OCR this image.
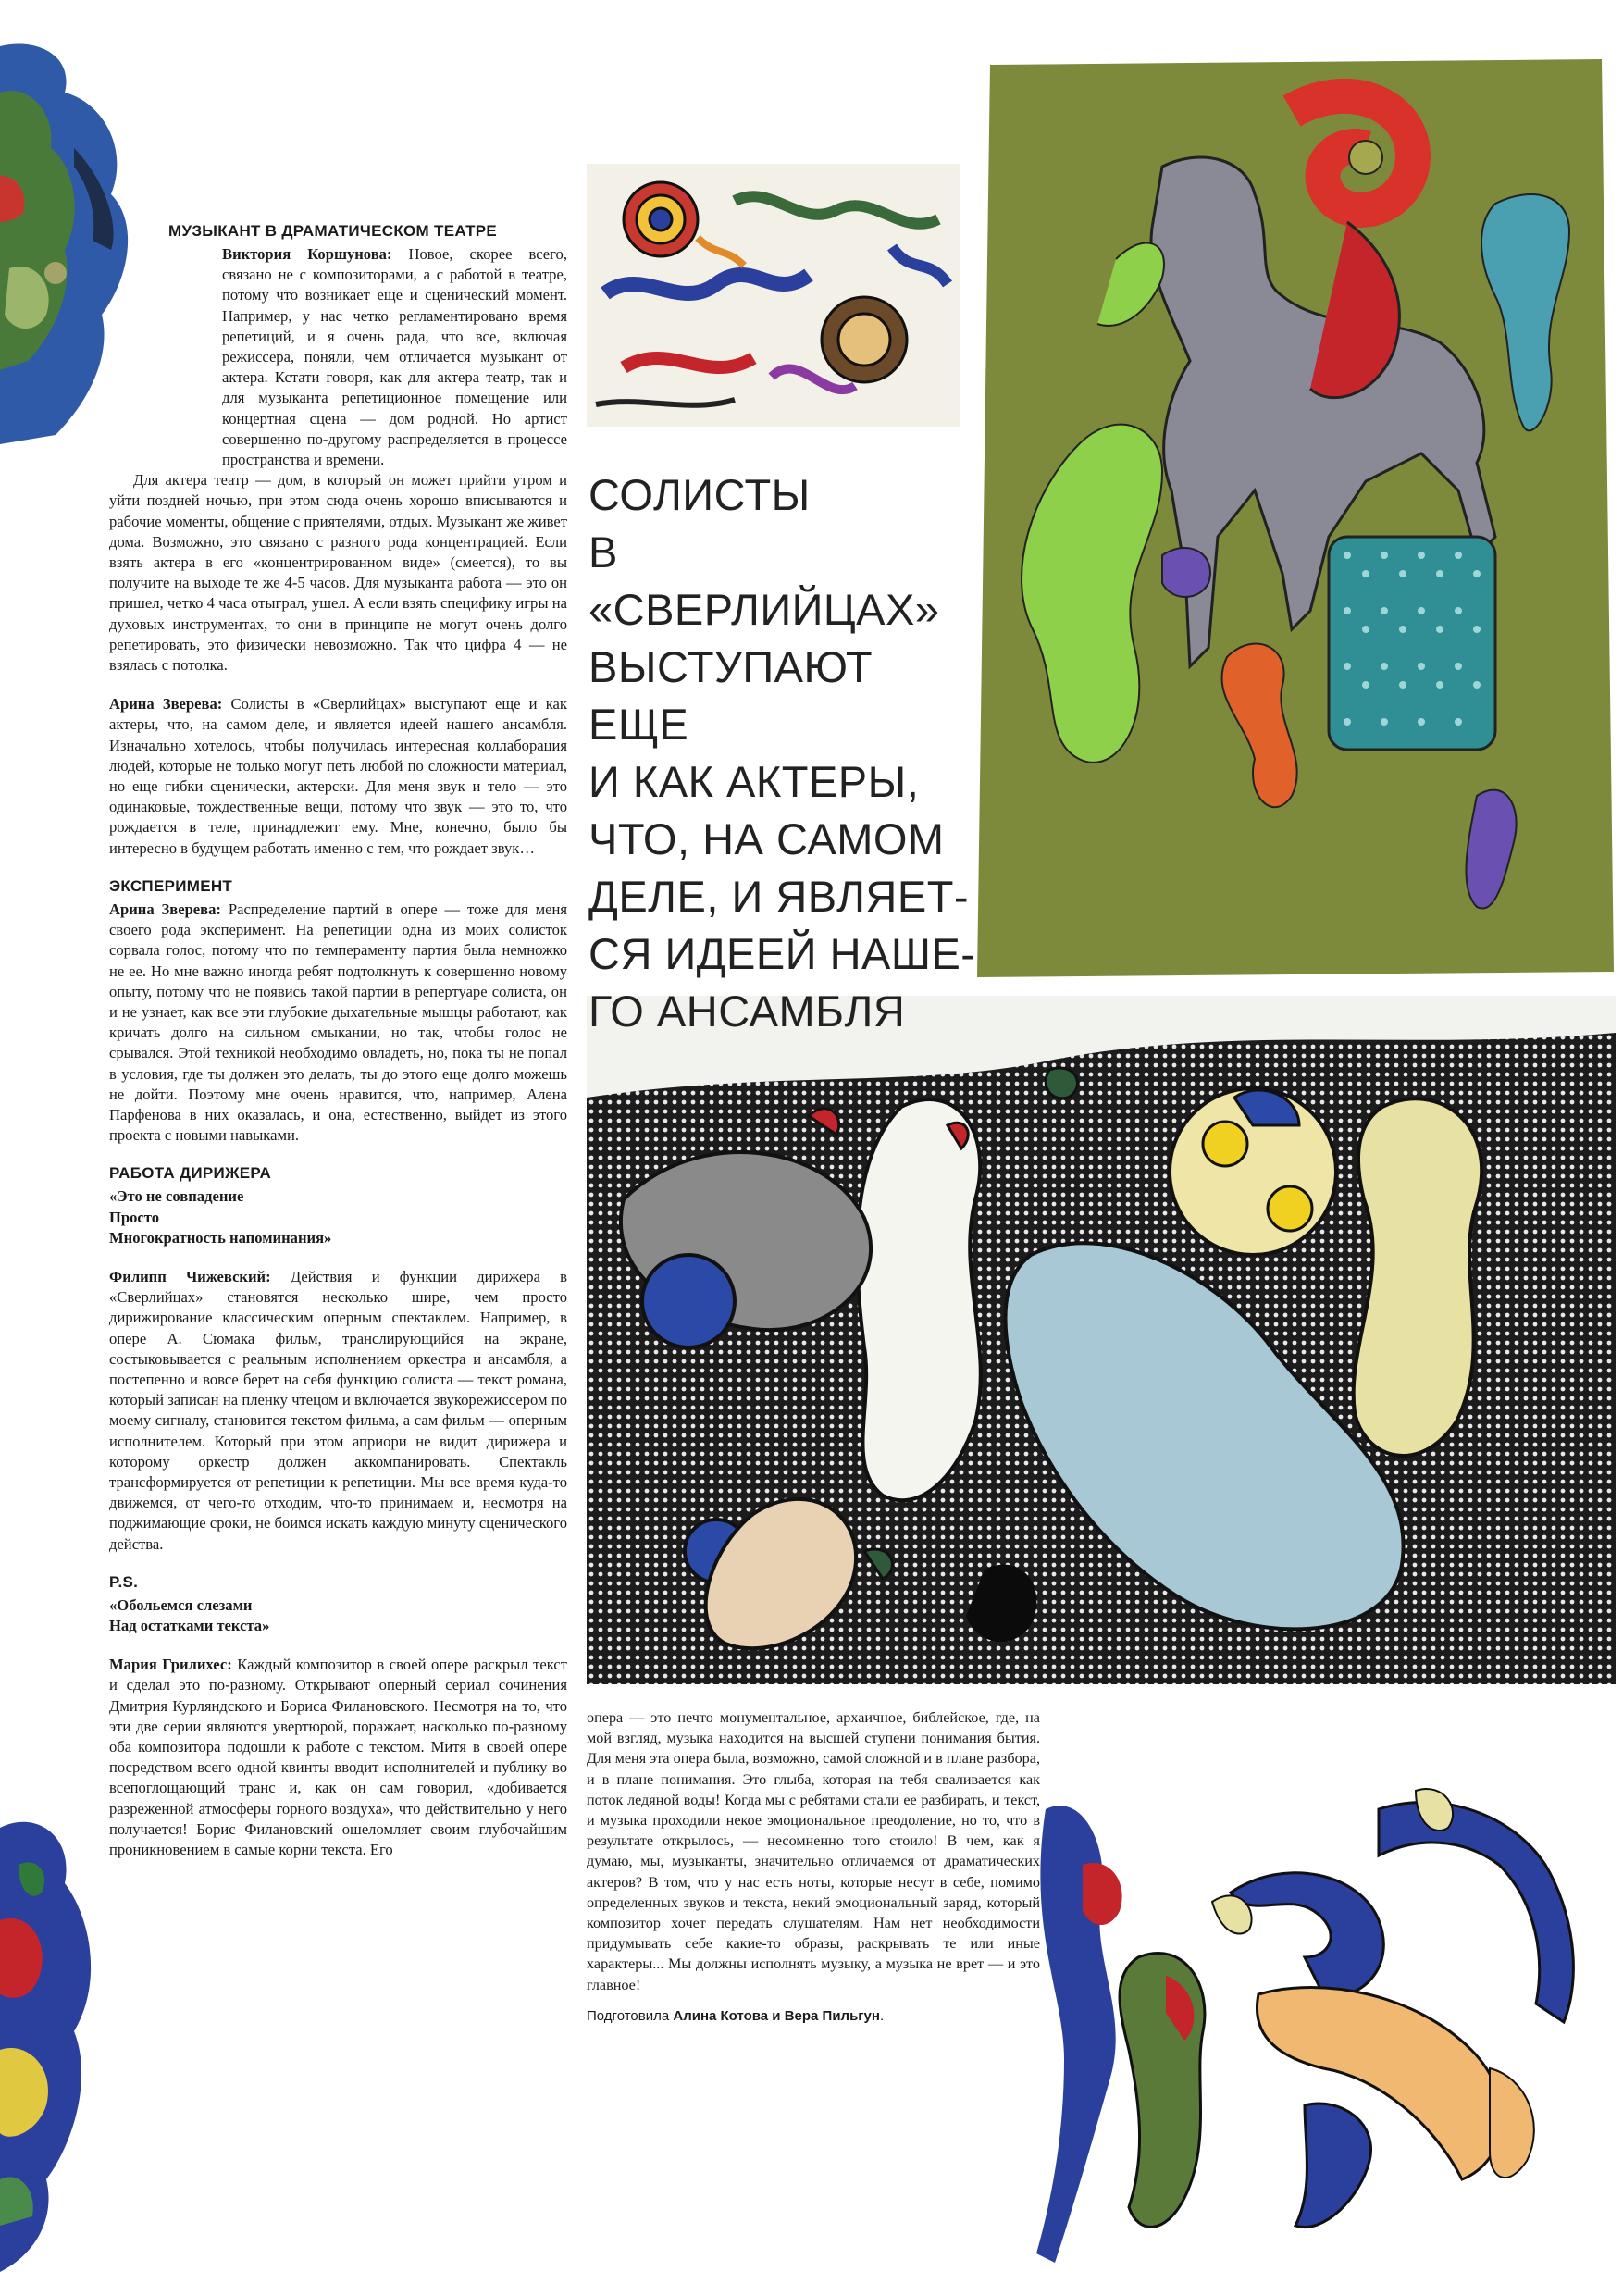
МУЗЫКАНТ В ДРАМАТИЧЕСКОМ ТЕАТРЕ

Виктория Коршунова: Новое, скорее всего, связано не с композиторами, а с работой в театре, потому что возникает еще и сценический момент. Например, у нас четко регламентировано время репетиций, и я очень рада, что все, включая режиссера, поняли, чем отличается музыкант от актера. Кстати говоря, как для актера театр, так и для музыканта репетиционное помещение или концертная сцена — дом родной. Но артист совершенно по-другому распределяется в процессе пространства и времени.

Для актера театр — дом, в который он может прийти утром и уйти поздней ночью, при этом сюда очень хорошо вписываются и рабочие моменты, общение с приятелями, отдых. Музыкант же живет дома. Возможно, это связано с разного рода концентрацией. Если взять актера в его «концентрированном виде» (смеется), то вы получите на выходе те же 4-5 часов. Для музыканта работа — это он пришел, четко 4 часа отыграл, ушел. А если взять специфику игры на духовых инструментах, то они в принципе не могут очень долго репетировать, это физически невозможно. Так что цифра 4 — не взялась с потолка.

Арина Зверева: Солисты в «Сверлийцах» выступают еще и как актеры, что, на самом деле, и является идеей нашего ансамбля. Изначально хотелось, чтобы получилась интересная коллаборация людей, которые не только могут петь любой по сложности материал, но еще гибки сценически, актерски. Для меня звук и тело — это одинаковые, тождественные вещи, потому что звук — это то, что рождается в теле, принадлежит ему. Мне, конечно, было бы интересно в будущем работать именно с тем, что рождает звук…

ЭКСПЕРИМЕНТ

Арина Зверева: Распределение партий в опере — тоже для меня своего рода эксперимент. На репетиции одна из моих солисток сорвала голос, потому что по темпераменту партия была немножко не ее. Но мне важно иногда ребят подтолкнуть к совершенно новому опыту, потому что не появись такой партии в репертуаре солиста, он и не узнает, как все эти глубокие дыхательные мышцы работают, как кричать долго на сильном смыкании, но так, чтобы голос не срывался. Этой техникой необходимо овладеть, но, пока ты не попал в условия, где ты должен это делать, ты до этого еще долго можешь не дойти. Поэтому мне очень нравится, что, например, Алена Парфенова в них оказалась, и она, естественно, выйдет из этого проекта с новыми навыками.

РАБОТА ДИРИЖЕРА
«Это не совпадение
Просто
Многократность напоминания»

Филипп Чижевский: Действия и функции дирижера в «Сверлийцах» становятся несколько шире, чем просто дирижирование классическим оперным спектаклем. Например, в опере А. Сюмака фильм, транслирующийся на экране, состыковывается с реальным исполнением оркестра и ансамбля, а постепенно и вовсе берет на себя функцию солиста — текст романа, который записан на пленку чтецом и включается звукорежиссером по моему сигналу, становится текстом фильма, а сам фильм — оперным исполнителем. Который при этом априори не видит дирижера и которому оркестр должен аккомпанировать. Спектакль трансформируется от репетиции к репетиции. Мы все время куда-то движемся, от чего-то отходим, что-то принимаем и, несмотря на поджимающие сроки, не боимся искать каждую минуту сценического действа.

P.S.
«Обольемся слезами
Над остатками текста»

Мария Грилихес: Каждый композитор в своей опере раскрыл текст и сделал это по-разному. Открывают оперный сериал сочинения Дмитрия Курляндского и Бориса Филановского. Несмотря на то, что эти две серии являются увертюрой, поражает, насколько по-разному оба композитора подошли к работе с текстом. Митя в своей опере посредством всего одной квинты вводит исполнителей и публику во всепоглощающий транс и, как он сам говорил, «добивается разреженной атмосферы горного воздуха», что действительно у него получается! Борис Филановский ошеломляет своим глубочайшим проникновением в самые корни текста. Его

СОЛИСТЫ
В «СВЕРЛИЙЦАХ»
ВЫСТУПАЮТ ЕЩЕ
И КАК АКТЕРЫ,
ЧТО, НА САМОМ
ДЕЛЕ, И ЯВЛЯЕТ-
СЯ ИДЕЕЙ НАШЕ-
ГО АНСАМБЛЯ

опера — это нечто монументальное, архаичное, библейское, где, на мой взгляд, музыка находится на высшей ступени понимания бытия. Для меня эта опера была, возможно, самой сложной и в плане разбора, и в плане понимания. Это глыба, которая на тебя сваливается как поток ледяной воды! Когда мы с ребятами стали ее разбирать, и текст, и музыка проходили некое эмоциональное преодоление, но то, что в результате открылось, — несомненно того стоило! В чем, как я думаю, мы, музыканты, значительно отличаемся от драматических актеров? В том, что у нас есть ноты, которые несут в себе, помимо определенных звуков и текста, некий эмоциональный заряд, который композитор хочет передать слушателям. Нам нет необходимости придумывать себе какие-то образы, раскрывать те или иные характеры... Мы должны исполнять музыку, а музыка не врет — и это главное!

Подготовила Алина Котова и Вера Пильгун.
